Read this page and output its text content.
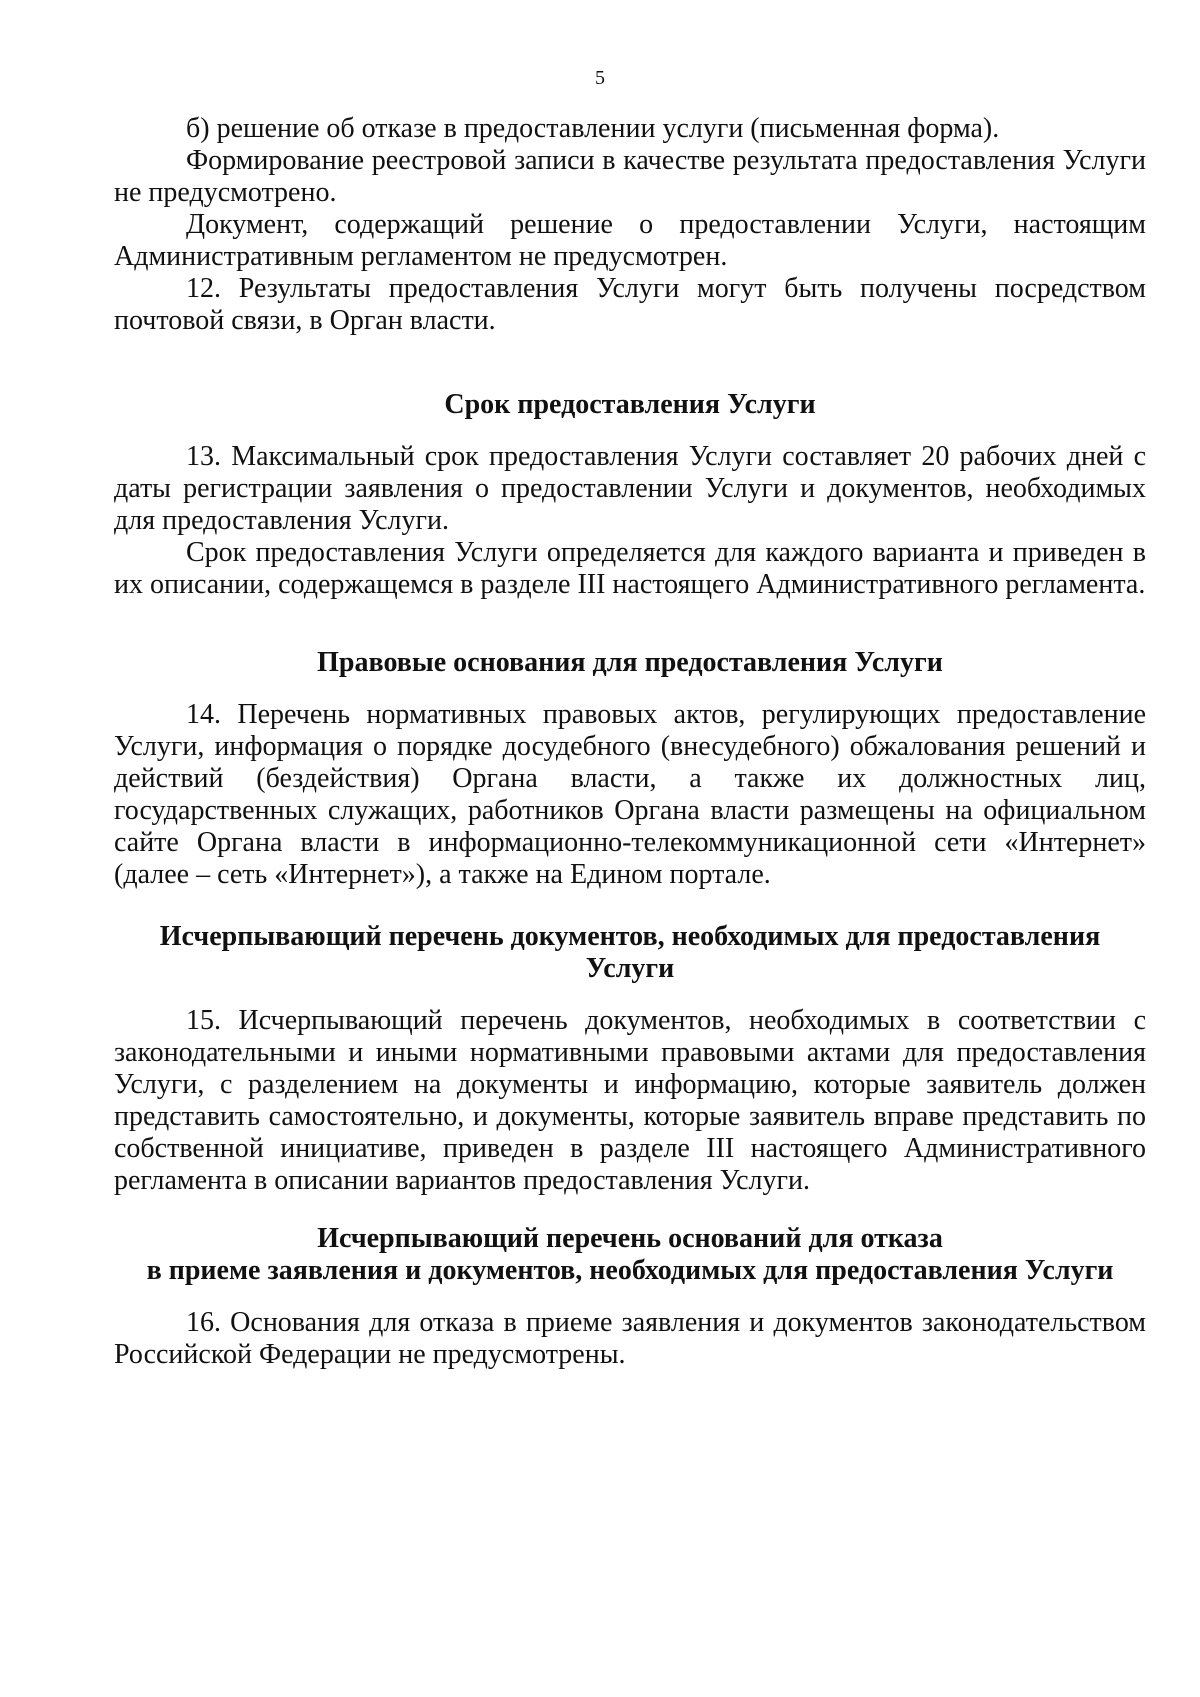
5

б) решение об отказе в предоставлении услуги (письменная форма).

Формирование реестровой записи в качестве результата предоставления Услуги не предусмотрено.

Документ, содержащий решение о предоставлении Услуги, настоящим Административным регламентом не предусмотрен.

12. Результаты предоставления Услуги могут быть получены посредством почтовой связи, в Орган власти.

Срок предоставления Услуги

13. Максимальный срок предоставления Услуги составляет 20 рабочих дней с даты регистрации заявления о предоставлении Услуги и документов, необходимых для предоставления Услуги.

Срок предоставления Услуги определяется для каждого варианта и приведен в их описании, содержащемся в разделе III настоящего Административного регламента.

Правовые основания для предоставления Услуги

14. Перечень нормативных правовых актов, регулирующих предоставление Услуги, информация о порядке досудебного (внесудебного) обжалования решений и действий (бездействия) Органа власти, а также их должностных лиц, государственных служащих, работников Органа власти размещены на официальном сайте Органа власти в информационно-телекоммуникационной сети «Интернет» (далее – сеть «Интернет»), а также на Едином портале.

Исчерпывающий перечень документов, необходимых для предоставления
Услуги

15. Исчерпывающий перечень документов, необходимых в соответствии с законодательными и иными нормативными правовыми актами для предоставления Услуги, с разделением на документы и информацию, которые заявитель должен представить самостоятельно, и документы, которые заявитель вправе представить по собственной инициативе, приведен в разделе III настоящего Административного регламента в описании вариантов предоставления Услуги.

Исчерпывающий перечень оснований для отказа
в приеме заявления и документов, необходимых для предоставления Услуги

16. Основания для отказа в приеме заявления и документов законодательством Российской Федерации не предусмотрены.
